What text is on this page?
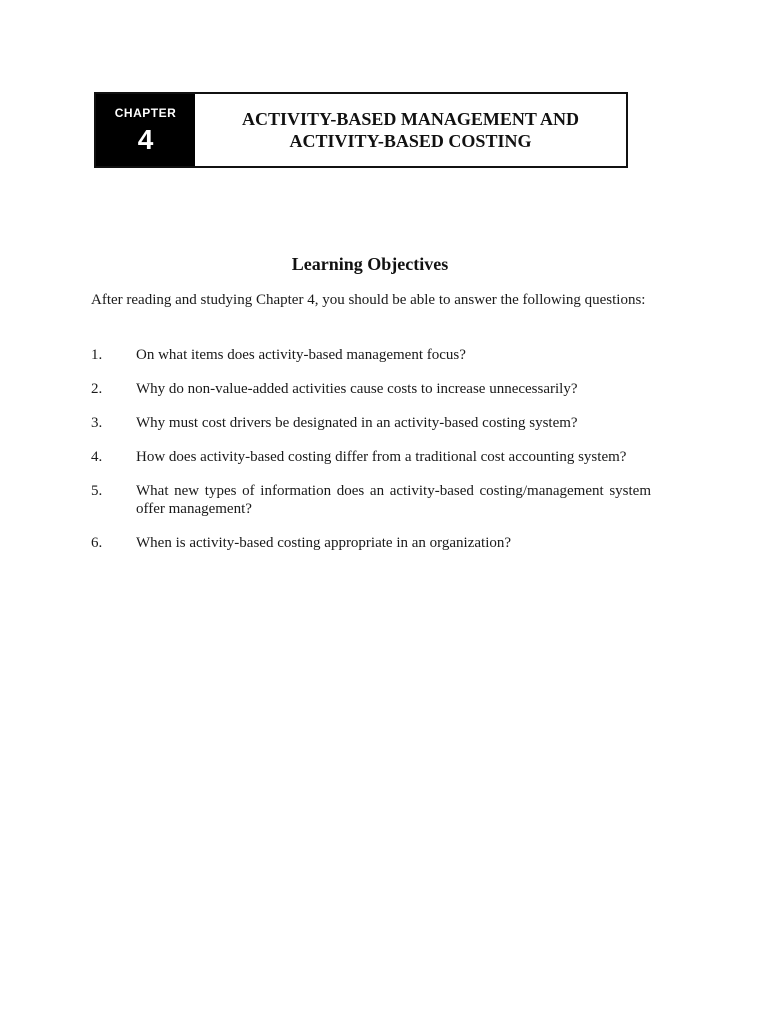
CHAPTER
4
ACTIVITY-BASED MANAGEMENT AND
ACTIVITY-BASED COSTING
Learning Objectives

After reading and studying Chapter 4, you should be able to answer the following questions:

1.	On what items does activity-based management focus?
2.	Why do non-value-added activities cause costs to increase unnecessarily?
3.	Why must cost drivers be designated in an activity-based costing system?
4.	How does activity-based costing differ from a traditional cost accounting system?
5.	What new types of information does an activity-based costing/management system offer management?
6.	When is activity-based costing appropriate in an organization?
